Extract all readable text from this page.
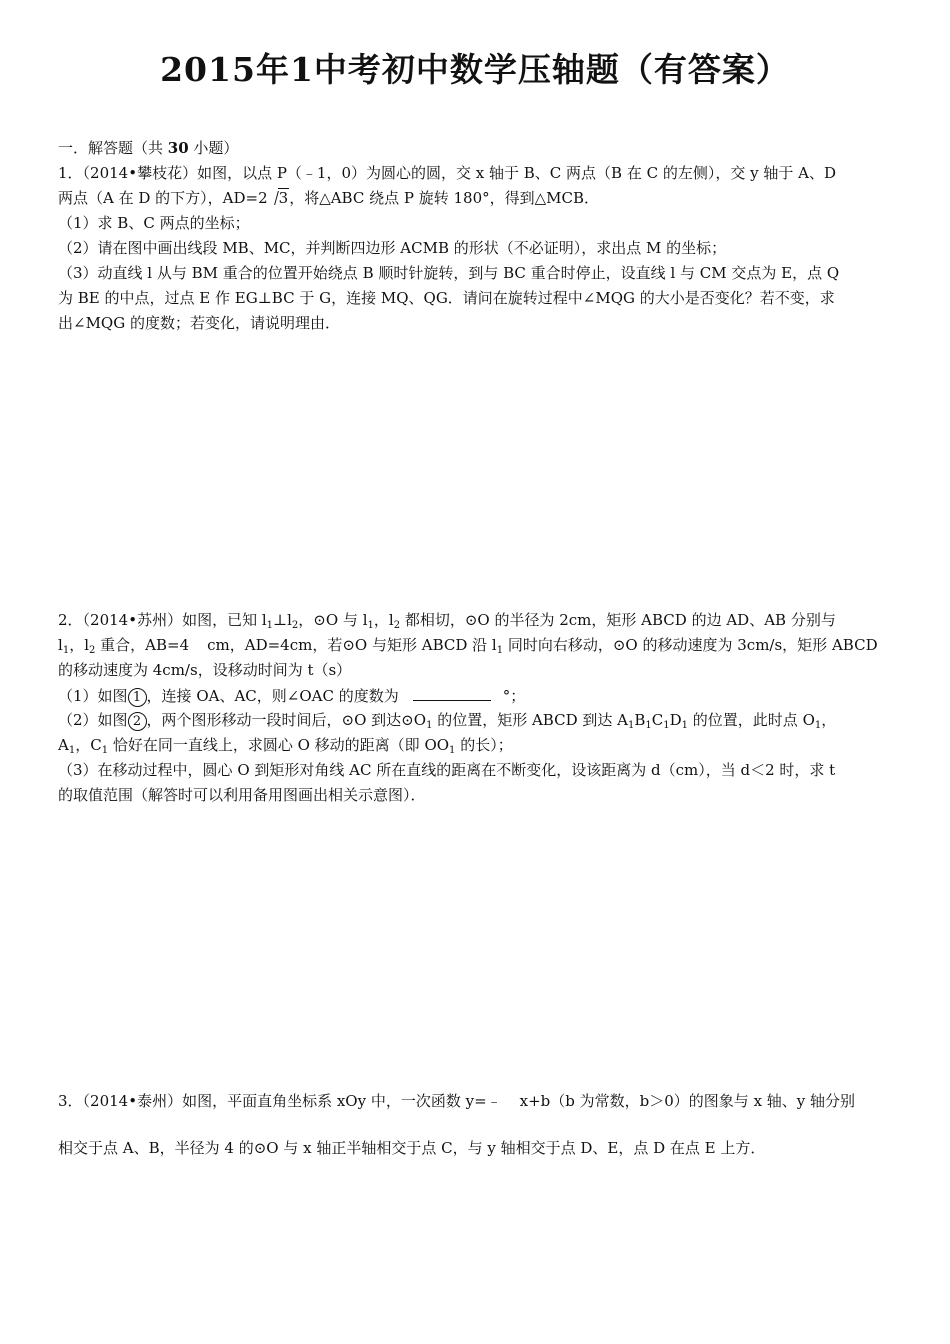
2015年1中考初中数学压轴题（有答案）
一．解答题（共 30 小题）
1．（2014•攀枝花）如图，以点 P（﹣1，0）为圆心的圆，交 x 轴于 B、C 两点（B 在 C 的左侧），交 y 轴于 A、D
两点（A 在 D 的下方），AD=2 3，将△ABC 绕点 P 旋转 180°，得到△MCB．
（1）求 B、C 两点的坐标；
（2）请在图中画出线段 MB、MC，并判断四边形 ACMB 的形状（不必证明），求出点 M 的坐标；
（3）动直线 l 从与 BM 重合的位置开始绕点 B 顺时针旋转，到与 BC 重合时停止，设直线 l 与 CM 交点为 E，点 Q
为 BE 的中点，过点 E 作 EG⊥BC 于 G，连接 MQ、QG．请问在旋转过程中∠MQG 的大小是否变化？若不变，求
出∠MQG 的度数；若变化，请说明理由．
2．（2014•苏州）如图，已知 $l_1\perp l_2$，⊙O 与 $l_1$，$l_2$ 都相切，⊙O 的半径为 2cm，矩形 ABCD 的边 AD、AB 分别与
$l_1$，$l_2$ 重合，AB=4 cm，AD=4cm，若⊙O 与矩形 ABCD 沿 $l_1$ 同时向右移动，⊙O 的移动速度为 3cm/s，矩形 ABCD
的移动速度为 4cm/s，设移动时间为 t（s）
（1）如图 1 ，连接 OA、AC，则∠OAC 的度数为	°；
（2）如图 2 ，两个图形移动一段时间后，⊙O 到达$⊙O_1$ 的位置，矩形 ABCD 到达 $A_1B_1C_1D_1$ 的位置，此时点 $O_1$，
$A_1$，$C_1$ 恰好在同一直线上，求圆心 O 移动的距离（即 $OO_1$ 的长）；
（3）在移动过程中，圆心 O 到矩形对角线 AC 所在直线的距离在不断变化，设该距离为 d（cm），当 d＜2 时，求 t
的取值范围（解答时可以利用备用图画出相关示意图）．
3．（2014•泰州）如图，平面直角坐标系 xOy 中，一次函数 y=﹣ x+b（b 为常数，b＞0）的图象与 x 轴、y 轴分别
相交于点 A、B，半径为 4 的⊙O 与 x 轴正半轴相交于点 C，与 y 轴相交于点 D、E，点 D 在点 E 上方．
